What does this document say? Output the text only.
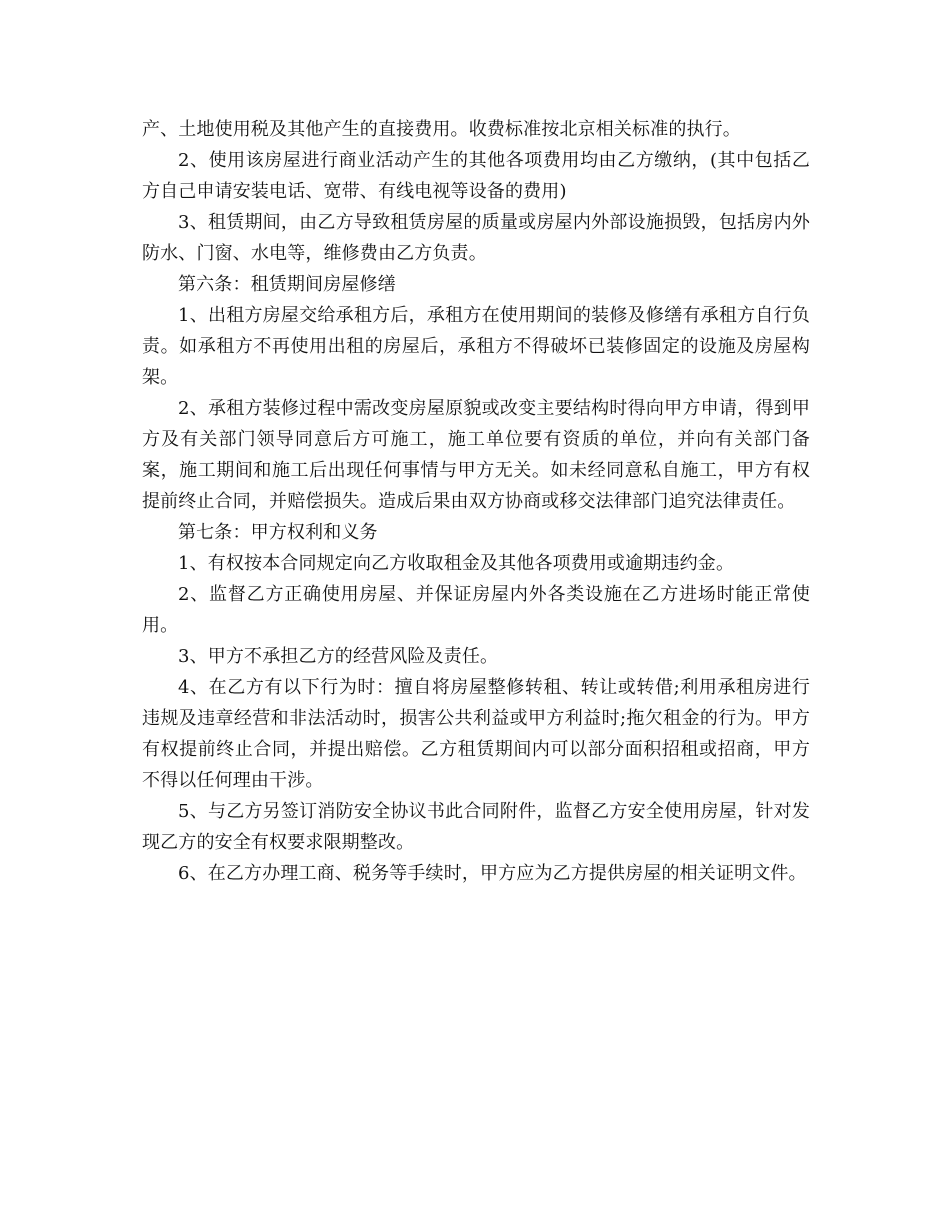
产、土地使用税及其他产生的直接费用。收费标准按北京相关标准的执行。

2、使用该房屋进行商业活动产生的其他各项费用均由乙方缴纳，(其中包括乙方自己申请安装电话、宽带、有线电视等设备的费用)

3、租赁期间，由乙方导致租赁房屋的质量或房屋内外部设施损毁，包括房内外防水、门窗、水电等，维修费由乙方负责。

第六条：租赁期间房屋修缮

1、出租方房屋交给承租方后，承租方在使用期间的装修及修缮有承租方自行负责。如承租方不再使用出租的房屋后，承租方不得破坏已装修固定的设施及房屋构架。

2、承租方装修过程中需改变房屋原貌或改变主要结构时得向甲方申请，得到甲方及有关部门领导同意后方可施工，施工单位要有资质的单位，并向有关部门备案，施工期间和施工后出现任何事情与甲方无关。如未经同意私自施工，甲方有权提前终止合同，并赔偿损失。造成后果由双方协商或移交法律部门追究法律责任。

第七条：甲方权利和义务

1、有权按本合同规定向乙方收取租金及其他各项费用或逾期违约金。

2、监督乙方正确使用房屋、并保证房屋内外各类设施在乙方进场时能正常使用。

3、甲方不承担乙方的经营风险及责任。

4、在乙方有以下行为时：擅自将房屋整修转租、转让或转借;利用承租房进行违规及违章经营和非法活动时，损害公共利益或甲方利益时;拖欠租金的行为。甲方有权提前终止合同，并提出赔偿。乙方租赁期间内可以部分面积招租或招商，甲方不得以任何理由干涉。

5、与乙方另签订消防安全协议书此合同附件，监督乙方安全使用房屋，针对发现乙方的安全有权要求限期整改。

6、在乙方办理工商、税务等手续时，甲方应为乙方提供房屋的相关证明文件。
